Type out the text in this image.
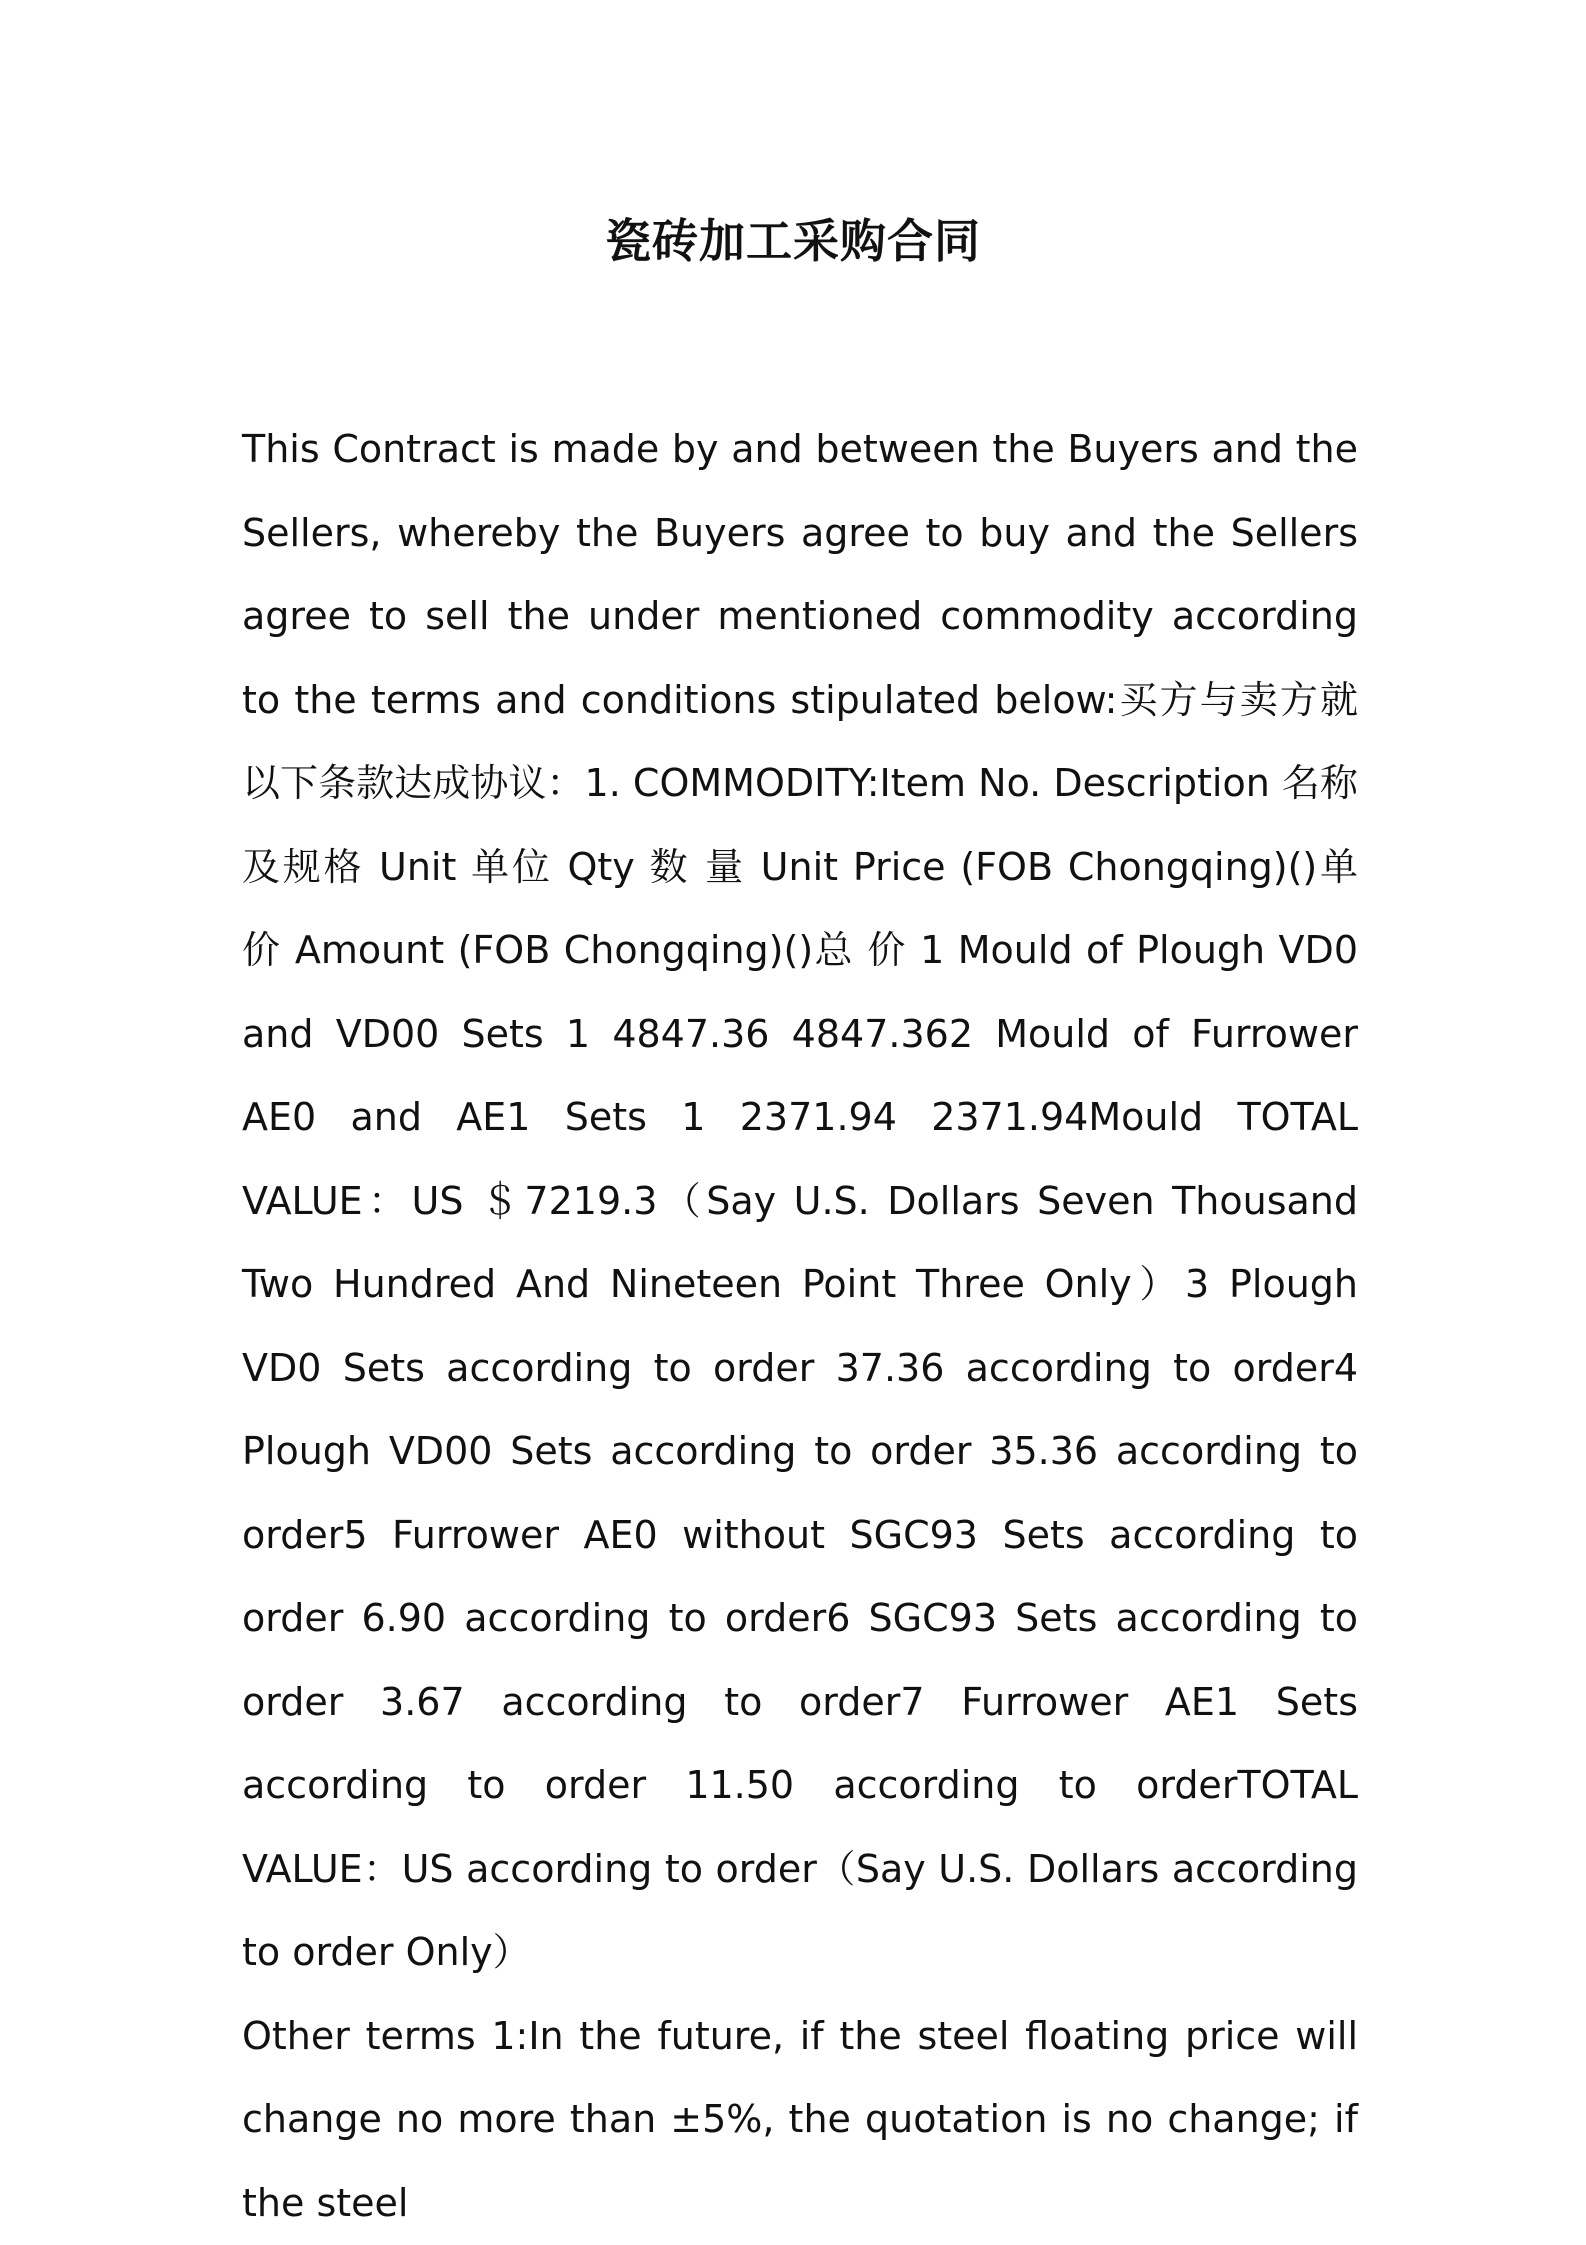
瓷砖加工采购合同

This Contract is made by and between the Buyers and the Sellers, whereby the Buyers agree to buy and the Sellers agree to sell the under mentioned commodity according to the terms and conditions stipulated below:买方与卖方就以下条款达成协议：1. COMMODITY:Item No. Description 名称及规格 Unit 单位 Qty 数 量 Unit Price (FOB Chongqing)()单 价 Amount (FOB Chongqing)()总 价 1 Mould of Plough VD0 and VD00 Sets 1 4847.36 4847.362 Mould of Furrower AE0 and AE1 Sets 1 2371.94 2371.94Mould TOTAL VALUE：US ＄7219.3（Say U.S. Dollars Seven Thousand Two Hundred And Nineteen Point Three Only）3 Plough VD0 Sets according to order 37.36 according to order4 Plough VD00 Sets according to order 35.36 according to order5 Furrower AE0 without SGC93 Sets according to order 6.90 according to order6 SGC93 Sets according to order 3.67 according to order7 Furrower AE1 Sets according to order 11.50 according to orderTOTAL VALUE：US according to order（Say U.S. Dollars according to order Only）

Other terms 1:In the future, if the steel floating price will change no more than ±5%, the quotation is no change; if the steel
